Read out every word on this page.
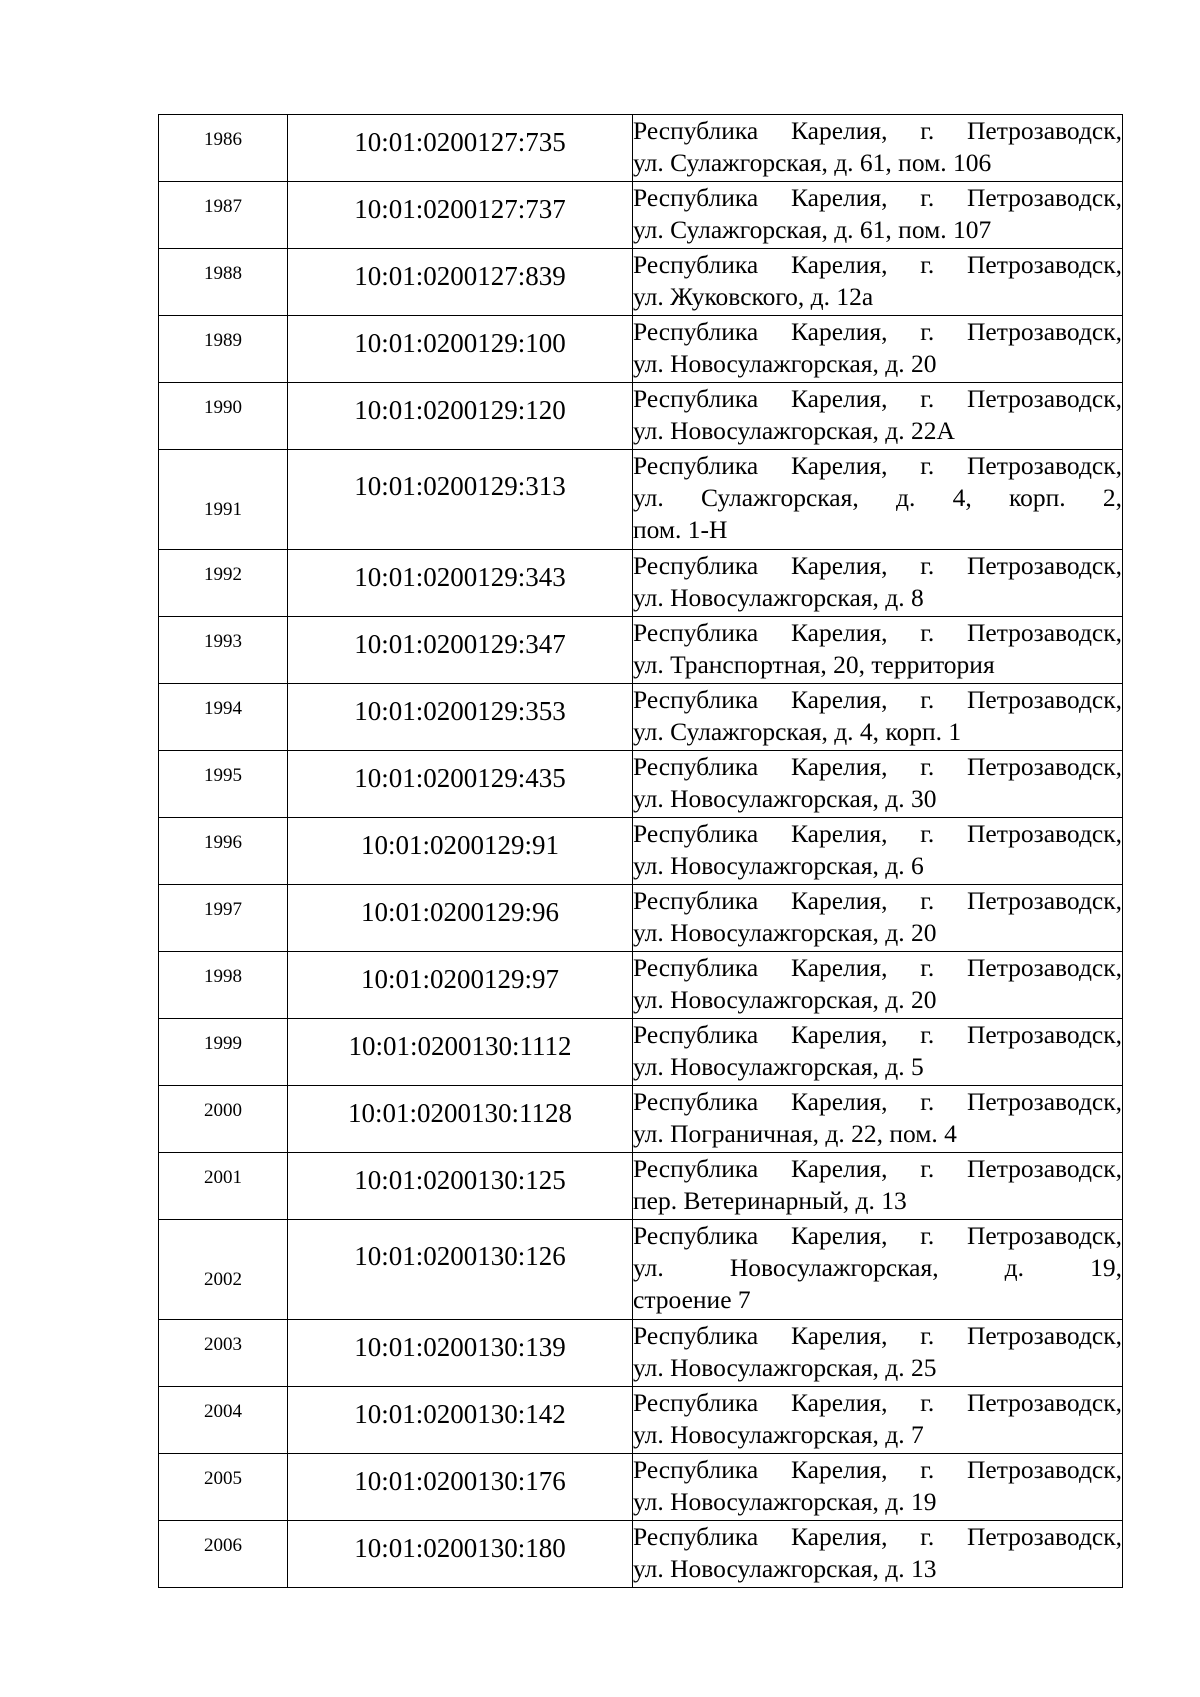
1986	10:01:0200127:735	Республика Карелия, г. Петрозаводск,
ул. Сулажгорская, д. 61, пом. 106

1987	10:01:0200127:737	Республика Карелия, г. Петрозаводск,
ул. Сулажгорская, д. 61, пом. 107

1988	10:01:0200127:839	Республика Карелия, г. Петрозаводск,
ул. Жуковского, д. 12а

1989	10:01:0200129:100	Республика Карелия, г. Петрозаводск,
ул. Новосулажгорская, д. 20

1990	10:01:0200129:120	Республика Карелия, г. Петрозаводск,
ул. Новосулажгорская, д. 22А

1991	10:01:0200129:313	Республика Карелия, г. Петрозаводск,
ул. Сулажгорская, д. 4, корп. 2,
пом. 1-Н

1992	10:01:0200129:343	Республика Карелия, г. Петрозаводск,
ул. Новосулажгорская, д. 8

1993	10:01:0200129:347	Республика Карелия, г. Петрозаводск,
ул. Транспортная, 20, территория

1994	10:01:0200129:353	Республика Карелия, г. Петрозаводск,
ул. Сулажгорская, д. 4, корп. 1

1995	10:01:0200129:435	Республика Карелия, г. Петрозаводск,
ул. Новосулажгорская, д. 30

1996	10:01:0200129:91	Республика Карелия, г. Петрозаводск,
ул. Новосулажгорская, д. 6

1997	10:01:0200129:96	Республика Карелия, г. Петрозаводск,
ул. Новосулажгорская, д. 20

1998	10:01:0200129:97	Республика Карелия, г. Петрозаводск,
ул. Новосулажгорская, д. 20

1999	10:01:0200130:1112	Республика Карелия, г. Петрозаводск,
ул. Новосулажгорская, д. 5

2000	10:01:0200130:1128	Республика Карелия, г. Петрозаводск,
ул. Пограничная, д. 22, пом. 4

2001	10:01:0200130:125	Республика Карелия, г. Петрозаводск,
пер. Ветеринарный, д. 13

2002	10:01:0200130:126	Республика Карелия, г. Петрозаводск,
ул. Новосулажгорская, д. 19,
строение 7

2003	10:01:0200130:139	Республика Карелия, г. Петрозаводск,
ул. Новосулажгорская, д. 25

2004	10:01:0200130:142	Республика Карелия, г. Петрозаводск,
ул. Новосулажгорская, д. 7

2005	10:01:0200130:176	Республика Карелия, г. Петрозаводск,
ул. Новосулажгорская, д. 19

2006	10:01:0200130:180	Республика Карелия, г. Петрозаводск,
ул. Новосулажгорская, д. 13
